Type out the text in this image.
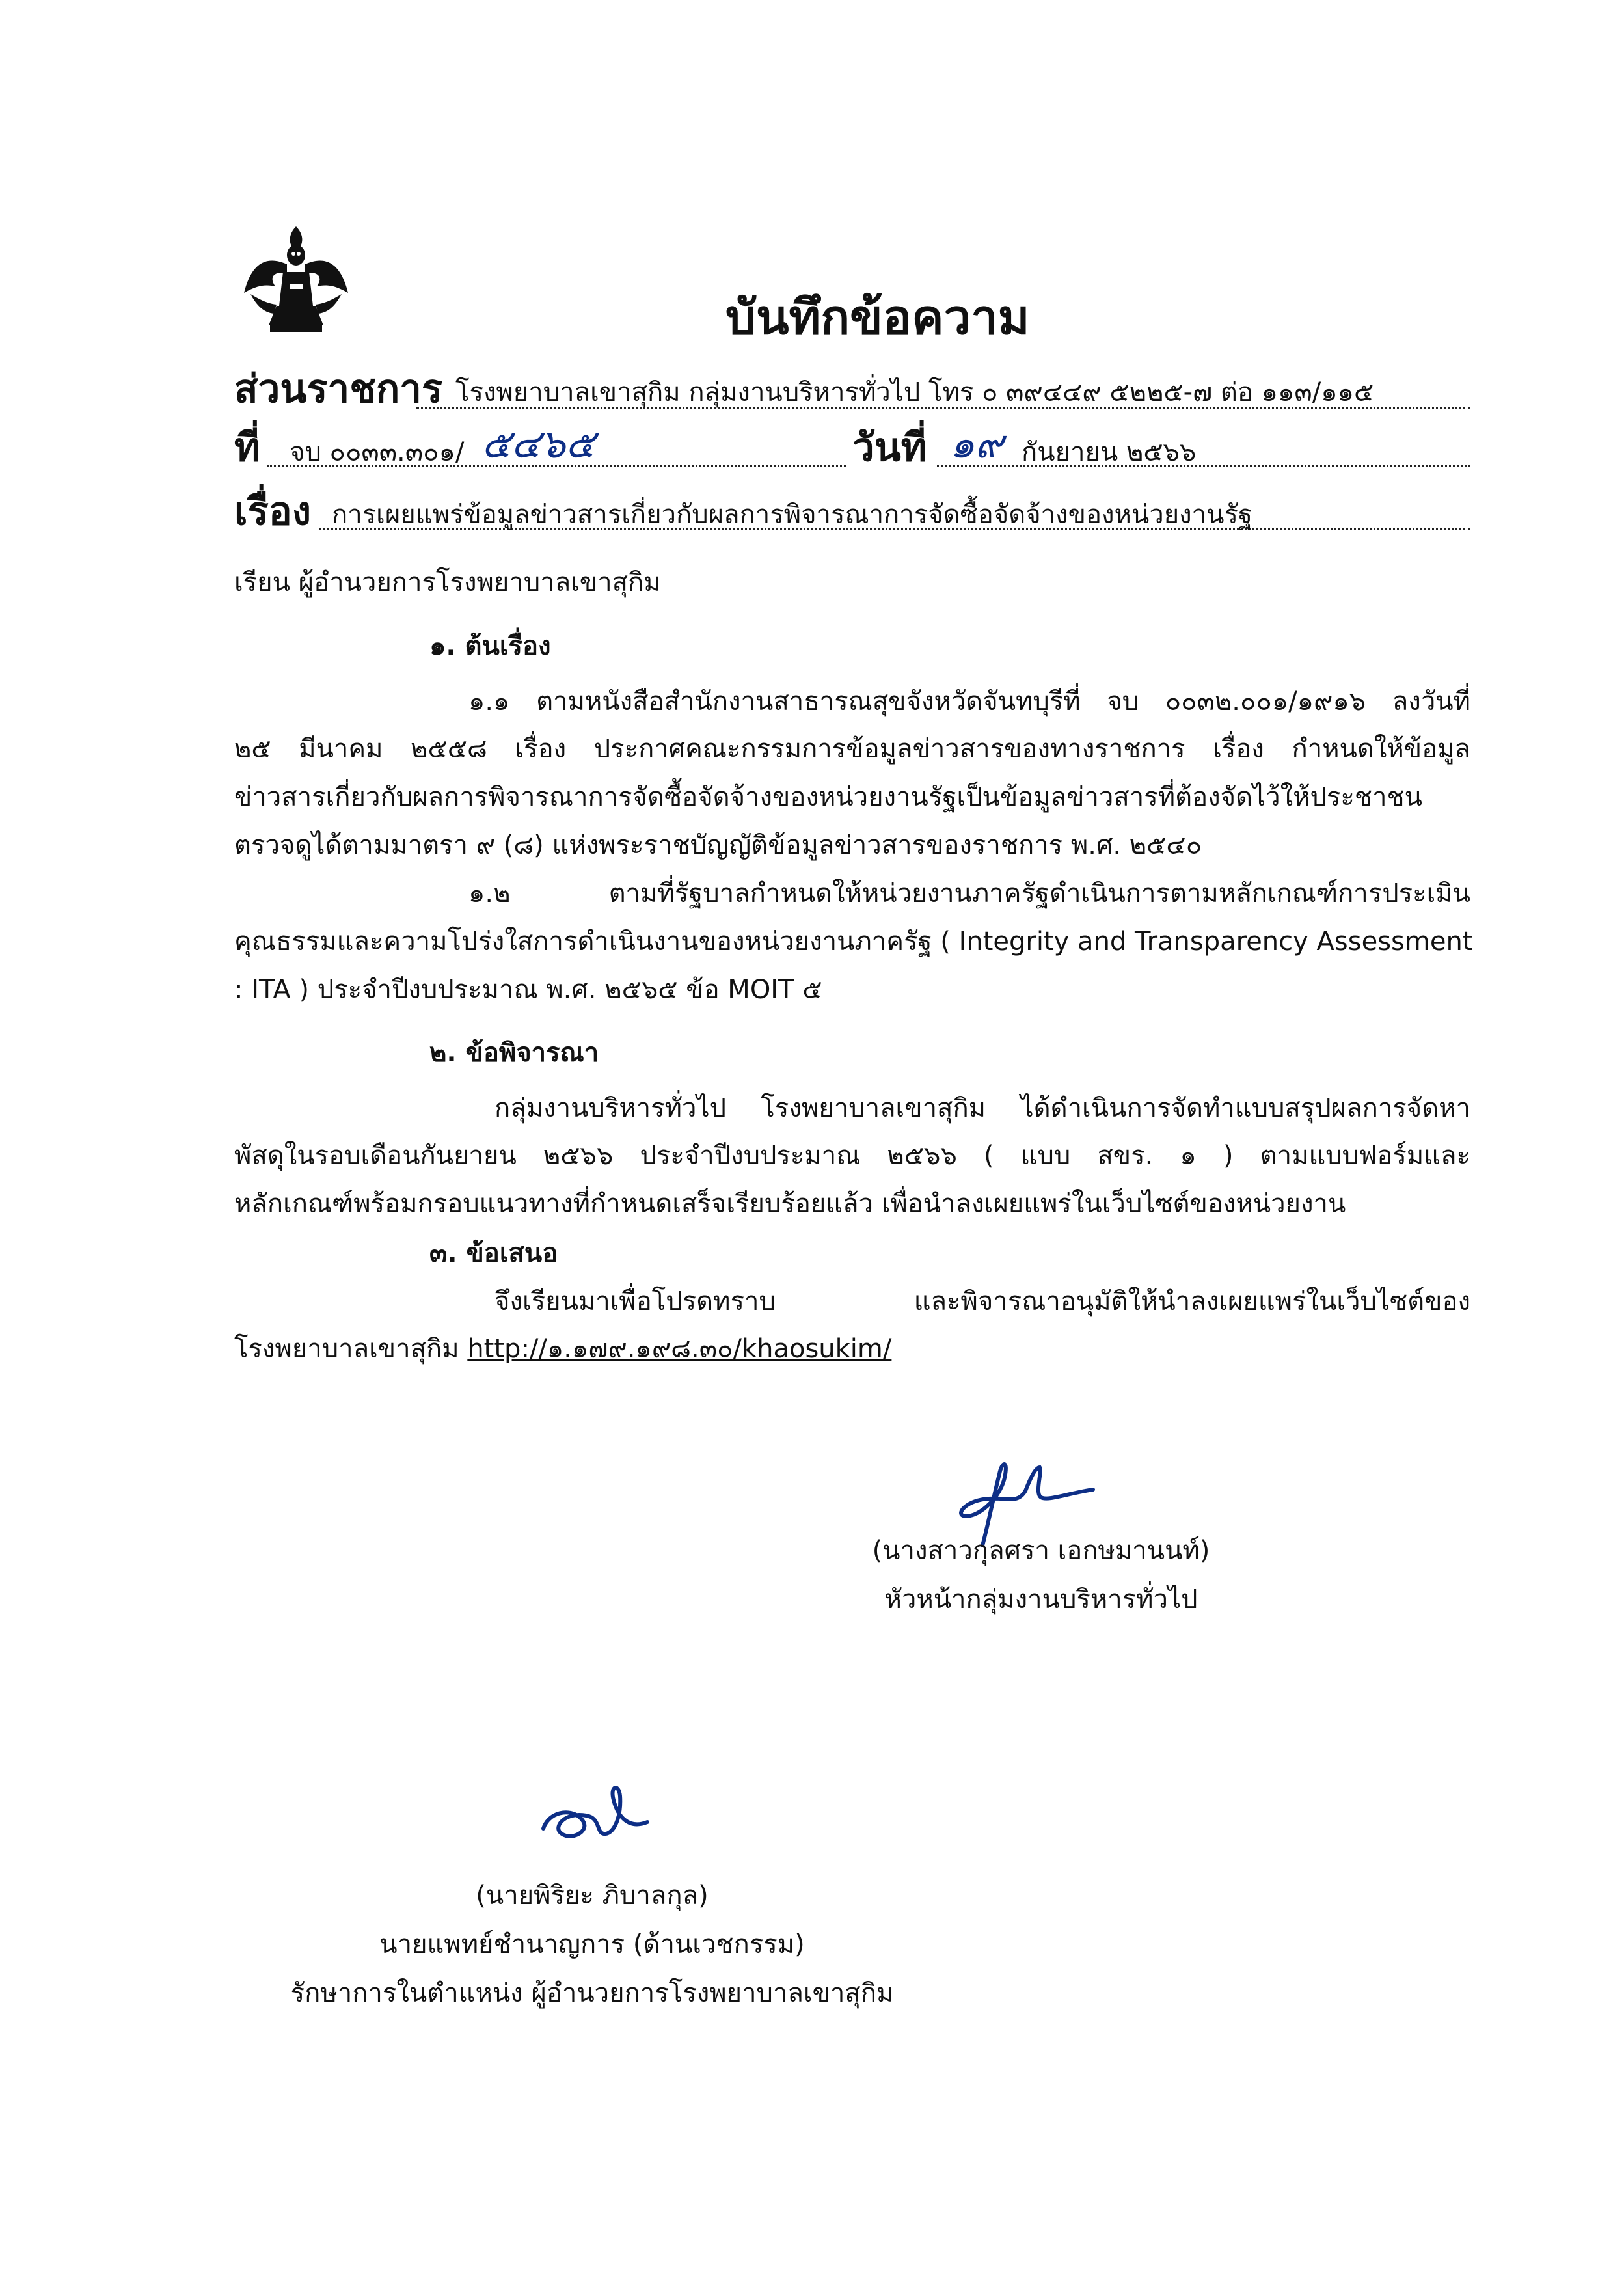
บันทึกข้อความ
ส่วนราชการ โรงพยาบาลเขาสุกิม กลุ่มงานบริหารทั่วไป โทร ๐ ๓๙๔๔๙ ๕๒๒๕-๗ ต่อ ๑๑๓/๑๑๕
ที่ จบ ๐๐๓๓.๓๐๑/ ๕๔๖๕	วันที่ ๑๙ กันยายน ๒๕๖๖
เรื่อง การเผยแพร่ข้อมูลข่าวสารเกี่ยวกับผลการพิจารณาการจัดซื้อจัดจ้างของหน่วยงานรัฐ
เรียน ผู้อำนวยการโรงพยาบาลเขาสุกิม
๑. ต้นเรื่อง
๑.๑ ตามหนังสือสำนักงานสาธารณสุขจังหวัดจันทบุรีที่ จบ ๐๐๓๒.๐๐๑/๑๙๑๖ ลงวันที่
๒๕ มีนาคม ๒๕๕๘ เรื่อง ประกาศคณะกรรมการข้อมูลข่าวสารของทางราชการ เรื่อง กำหนดให้ข้อมูล
ข่าวสารเกี่ยวกับผลการพิจารณาการจัดซื้อจัดจ้างของหน่วยงานรัฐเป็นข้อมูลข่าวสารที่ต้องจัดไว้ให้ประชาชน
ตรวจดูได้ตามมาตรา ๙ (๘) แห่งพระราชบัญญัติข้อมูลข่าวสารของราชการ พ.ศ. ๒๕๔๐
๑.๒ ตามที่รัฐบาลกำหนดให้หน่วยงานภาครัฐดำเนินการตามหลักเกณฑ์การประเมิน
คุณธรรมและความโปร่งใสการดำเนินงานของหน่วยงานภาครัฐ ( Integrity and Transparency Assessment
: ITA ) ประจำปีงบประมาณ พ.ศ. ๒๕๖๕ ข้อ MOIT ๕
๒. ข้อพิจารณา
กลุ่มงานบริหารทั่วไป โรงพยาบาลเขาสุกิม ได้ดำเนินการจัดทำแบบสรุปผลการจัดหา
พัสดุในรอบเดือนกันยายน ๒๕๖๖ ประจำปีงบประมาณ ๒๕๖๖ ( แบบ สขร. ๑ ) ตามแบบฟอร์มและ
หลักเกณฑ์พร้อมกรอบแนวทางที่กำหนดเสร็จเรียบร้อยแล้ว เพื่อนำลงเผยแพร่ในเว็บไซต์ของหน่วยงาน
๓. ข้อเสนอ
จึงเรียนมาเพื่อโปรดทราบ และพิจารณาอนุมัติให้นำลงเผยแพร่ในเว็บไซต์ของ
โรงพยาบาลเขาสุกิม http://๑.๑๗๙.๑๙๘.๓๐/khaosukim/
(นางสาวกุลศรา เอกษมานนท์)
หัวหน้ากลุ่มงานบริหารทั่วไป
(นายพิริยะ ภิบาลกุล)
นายแพทย์ชำนาญการ (ด้านเวชกรรม)
รักษาการในตำแหน่ง ผู้อำนวยการโรงพยาบาลเขาสุกิม
